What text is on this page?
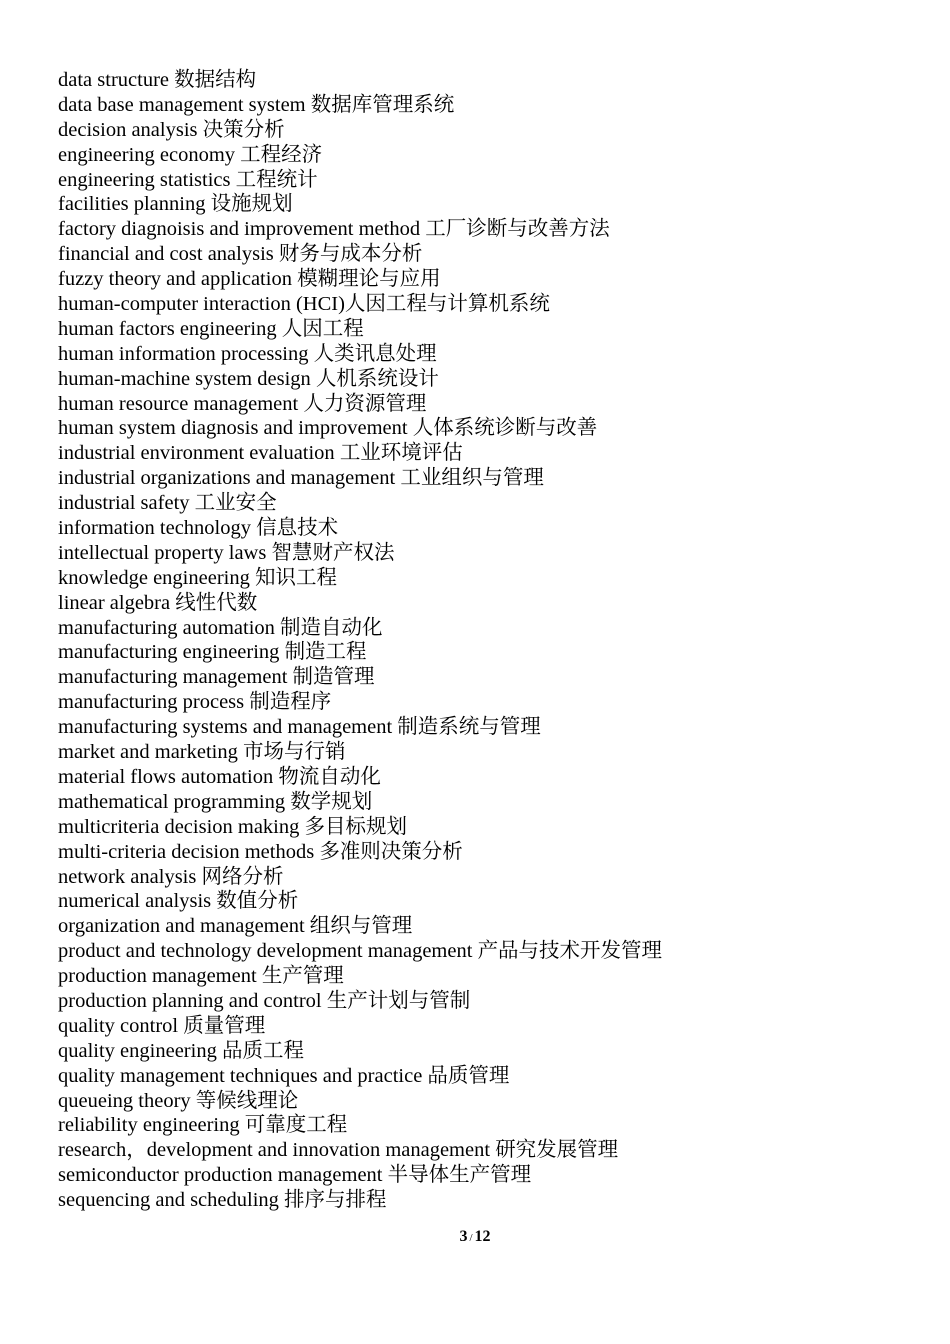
data structure 数据结构
data base management system 数据库管理系统
decision analysis 决策分析
engineering economy 工程经济
engineering statistics 工程统计
facilities planning 设施规划
factory diagnoisis and improvement method 工厂诊断与改善方法
financial and cost analysis 财务与成本分析
fuzzy theory and application 模糊理论与应用
human-computer interaction (HCI)人因工程与计算机系统
human factors engineering 人因工程
human information processing 人类讯息处理
human-machine system design 人机系统设计
human resource management 人力资源管理
human system diagnosis and improvement 人体系统诊断与改善
industrial environment evaluation 工业环境评估
industrial organizations and management 工业组织与管理
industrial safety 工业安全
information technology 信息技术
intellectual property laws 智慧财产权法
knowledge engineering 知识工程
linear algebra 线性代数
manufacturing automation 制造自动化
manufacturing engineering 制造工程
manufacturing management 制造管理
manufacturing process 制造程序
manufacturing systems and management 制造系统与管理
market and marketing 市场与行销
material flows automation 物流自动化
mathematical programming 数学规划
multicriteria decision making 多目标规划
multi-criteria decision methods 多准则决策分析
network analysis 网络分析
numerical analysis 数值分析
organization and management 组织与管理
product and technology development management 产品与技术开发管理
production management 生产管理
production planning and control 生产计划与管制
quality control 质量管理
quality engineering 品质工程
quality management techniques and practice 品质管理
queueing theory 等候线理论
reliability engineering 可靠度工程
research，development and innovation management 研究发展管理
semiconductor production management 半导体生产管理
sequencing and scheduling 排序与排程
3 / 12
